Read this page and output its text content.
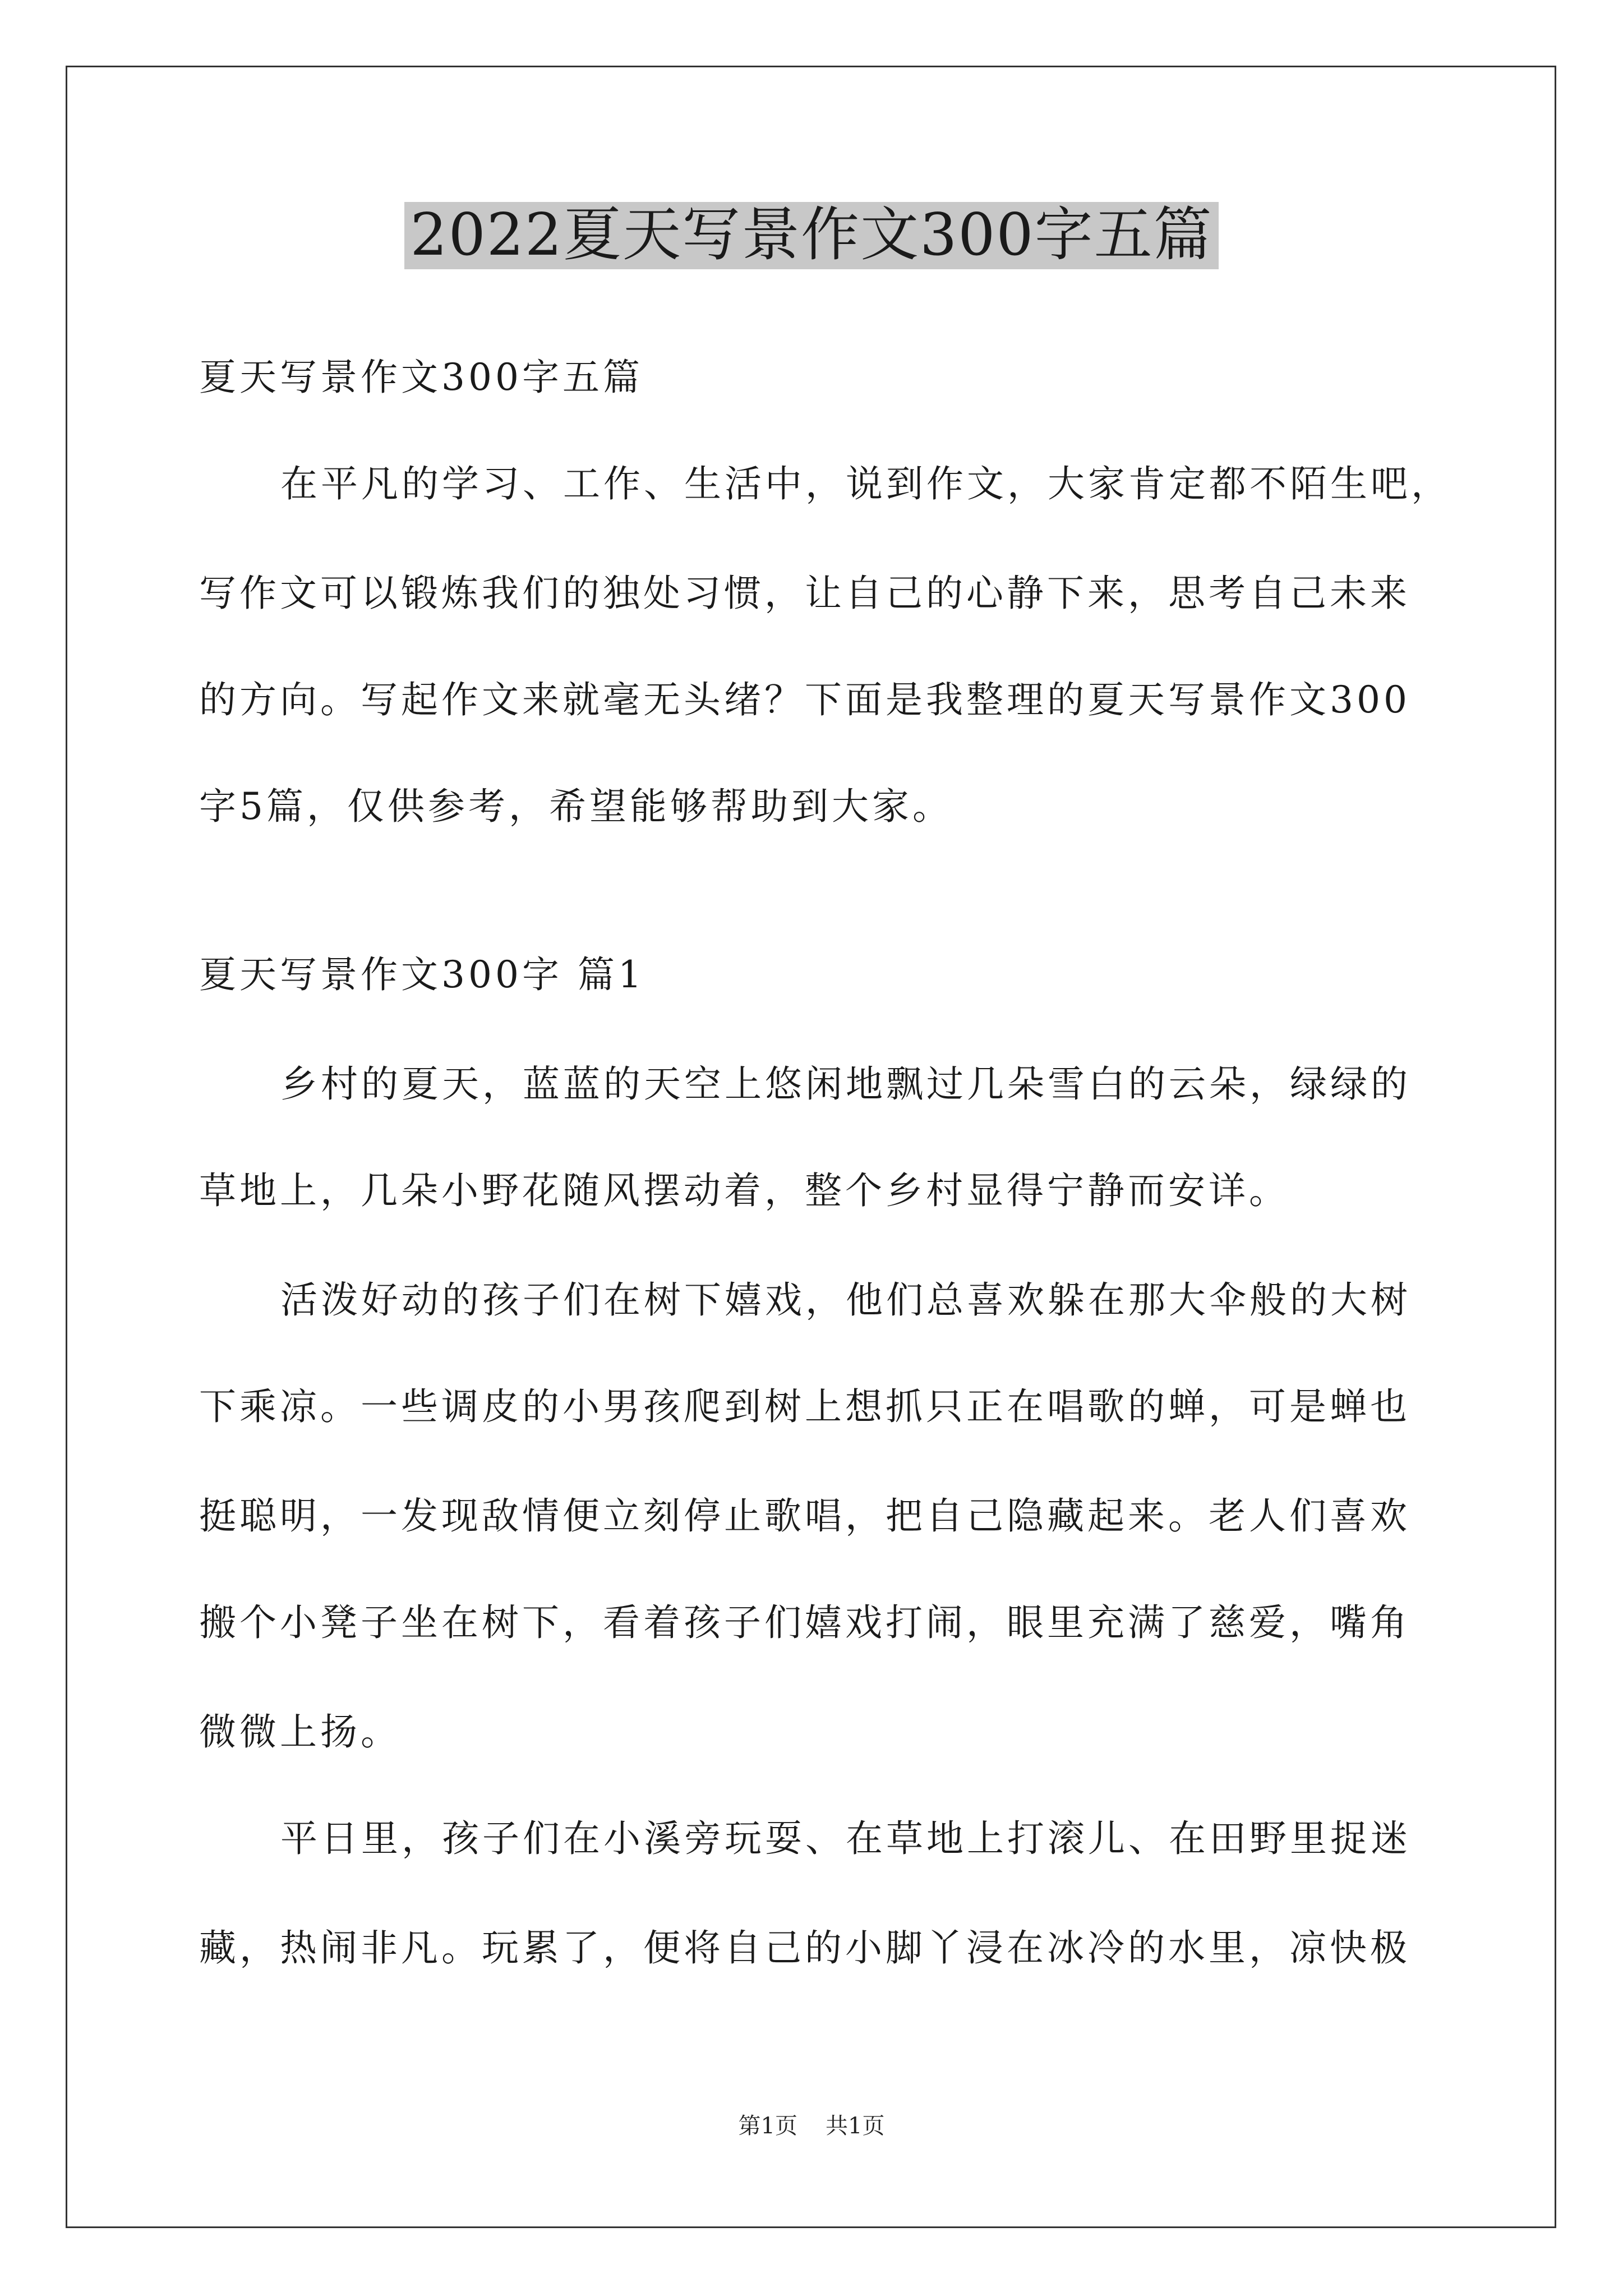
2022夏天写景作文300字五篇
夏天写景作文300字五篇
在平凡的学习、工作、生活中，说到作文，大家肯定都不陌生吧，
写作文可以锻炼我们的独处习惯，让自己的心静下来，思考自己未来
的方向。写起作文来就毫无头绪？下面是我整理的夏天写景作文300
字5篇，仅供参考，希望能够帮助到大家。
夏天写景作文300字 篇1
乡村的夏天，蓝蓝的天空上悠闲地飘过几朵雪白的云朵，绿绿的
草地上，几朵小野花随风摆动着，整个乡村显得宁静而安详。
活泼好动的孩子们在树下嬉戏，他们总喜欢躲在那大伞般的大树
下乘凉。一些调皮的小男孩爬到树上想抓只正在唱歌的蝉，可是蝉也
挺聪明，一发现敌情便立刻停止歌唱，把自己隐藏起来。老人们喜欢
搬个小凳子坐在树下，看着孩子们嬉戏打闹，眼里充满了慈爱，嘴角
微微上扬。
平日里，孩子们在小溪旁玩耍、在草地上打滚儿、在田野里捉迷
藏，热闹非凡。玩累了，便将自己的小脚丫浸在冰冷的水里，凉快极
第1页 共1页
